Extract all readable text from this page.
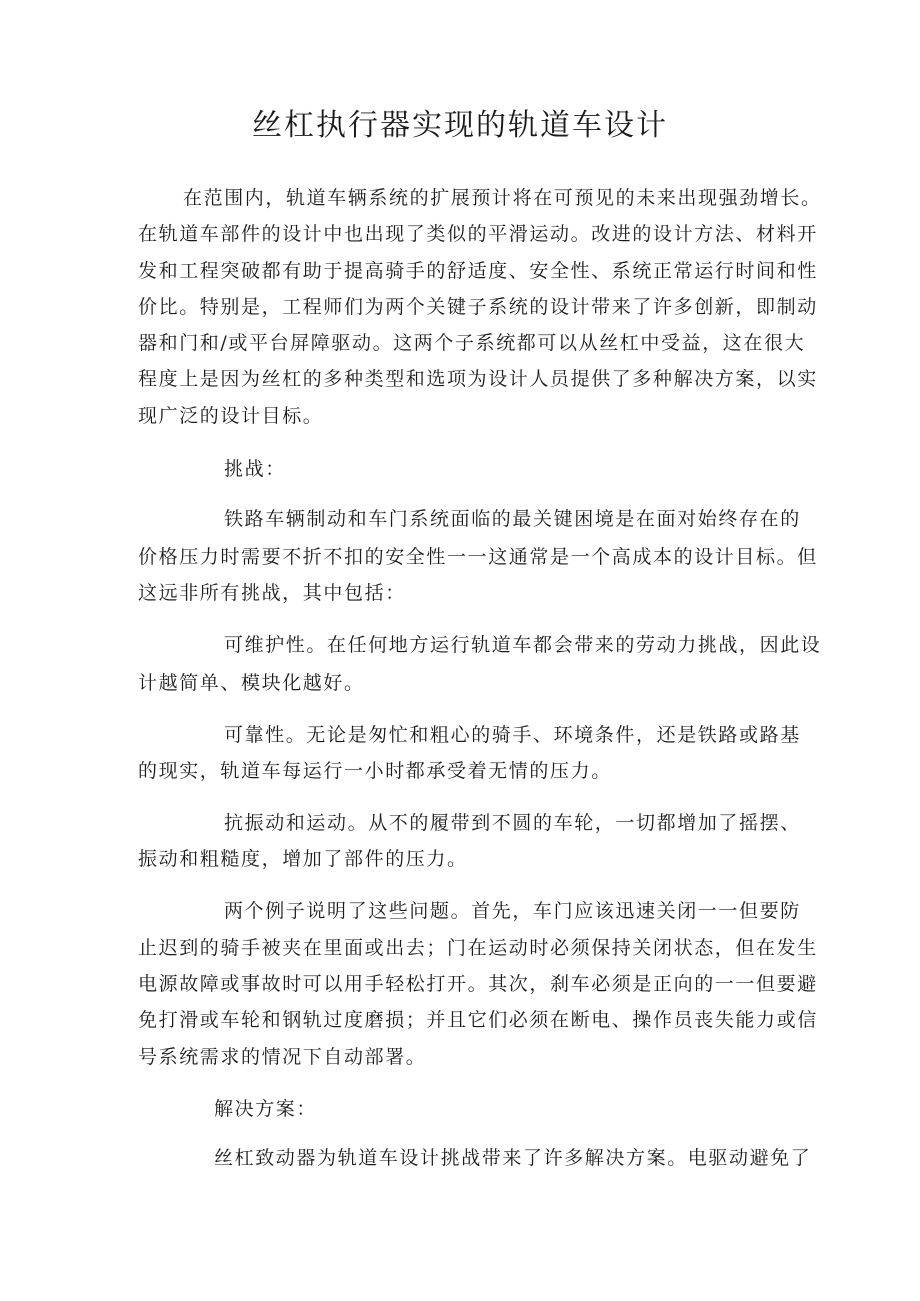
丝杠执行器实现的轨道车设计
在范围内，轨道车辆系统的扩展预计将在可预见的未来出现强劲增长。
在轨道车部件的设计中也出现了类似的平滑运动。改进的设计方法、材料开
发和工程突破都有助于提高骑手的舒适度、安全性、系统正常运行时间和性
价比。特别是，工程师们为两个关键子系统的设计带来了许多创新，即制动
器和门和/或平台屏障驱动。这两个子系统都可以从丝杠中受益，这在很大
程度上是因为丝杠的多种类型和选项为设计人员提供了多种解决方案，以实
现广泛的设计目标。
挑战：
铁路车辆制动和车门系统面临的最关键困境是在面对始终存在的
价格压力时需要不折不扣的安全性一一这通常是一个高成本的设计目标。但
这远非所有挑战，其中包括：
可维护性。在任何地方运行轨道车都会带来的劳动力挑战，因此设
计越简单、模块化越好。
可靠性。无论是匆忙和粗心的骑手、环境条件，还是铁路或路基
的现实，轨道车每运行一小时都承受着无情的压力。
抗振动和运动。从不的履带到不圆的车轮，一切都增加了摇摆、
振动和粗糙度，增加了部件的压力。
两个例子说明了这些问题。首先，车门应该迅速关闭一一但要防
止迟到的骑手被夹在里面或出去；门在运动时必须保持关闭状态，但在发生
电源故障或事故时可以用手轻松打开。其次，刹车必须是正向的一一但要避
免打滑或车轮和钢轨过度磨损；并且它们必须在断电、操作员丧失能力或信
号系统需求的情况下自动部署。
解决方案：
丝杠致动器为轨道车设计挑战带来了许多解决方案。电驱动避免了
